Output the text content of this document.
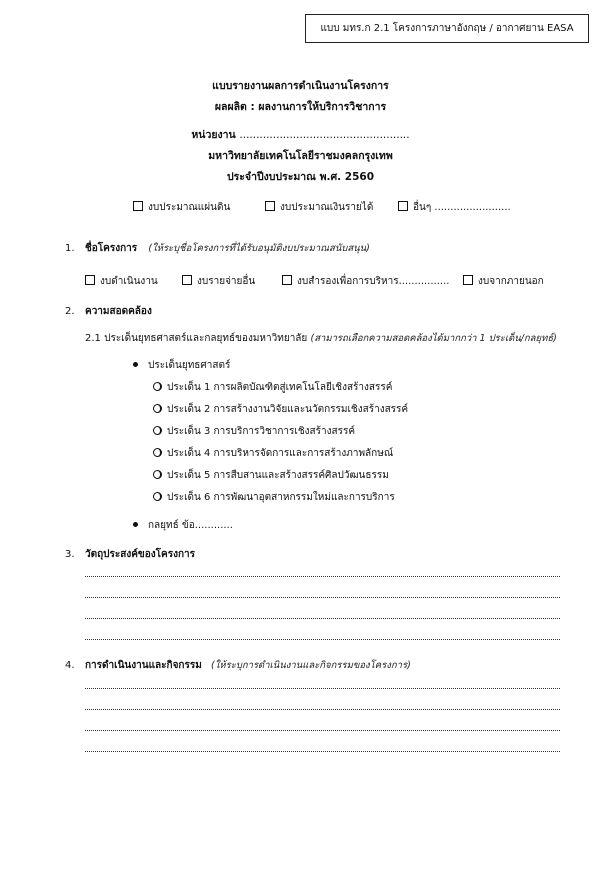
แบบ มทร.ก 2.1 โครงการภาษาอังกฤษ / อากาศยาน EASA
แบบรายงานผลการดำเนินงานโครงการ
ผลผลิต : ผลงานการให้บริการวิชาการ
หน่วยงาน ...................................................
มหาวิทยาลัยเทคโนโลยีราชมงคลกรุงเทพ
ประจำปีงบประมาณ พ.ศ. 2560
งบประมาณแผ่นดิน	งบประมาณเงินรายได้	อื่นๆ ........................
1. ชื่อโครงการ (ให้ระบุชื่อโครงการที่ได้รับอนุมัติงบประมาณสนับสนุน)
งบดำเนินงาน	งบรายจ่ายอื่น	งบสำรองเพื่อการบริหาร................	งบจากภายนอก
2. ความสอดคล้อง
2.1 ประเด็นยุทธศาสตร์และกลยุทธ์ของมหาวิทยาลัย (สามารถเลือกความสอดคล้องได้มากกว่า 1 ประเด็น/กลยุทธ์)
ประเด็นยุทธศาสตร์
ประเด็น 1 การผลิตบัณฑิตสู่เทคโนโลยีเชิงสร้างสรรค์
ประเด็น 2 การสร้างงานวิจัยและนวัตกรรมเชิงสร้างสรรค์
ประเด็น 3 การบริการวิชาการเชิงสร้างสรรค์
ประเด็น 4 การบริหารจัดการและการสร้างภาพลักษณ์
ประเด็น 5 การสืบสานและสร้างสรรค์ศิลปวัฒนธรรม
ประเด็น 6 การพัฒนาอุตสาหกรรมใหม่และการบริการ
กลยุทธ์ ข้อ............
3. วัตถุประสงค์ของโครงการ
4. การดำเนินงานและกิจกรรม (ให้ระบุการดำเนินงานและกิจกรรมของโครงการ)
